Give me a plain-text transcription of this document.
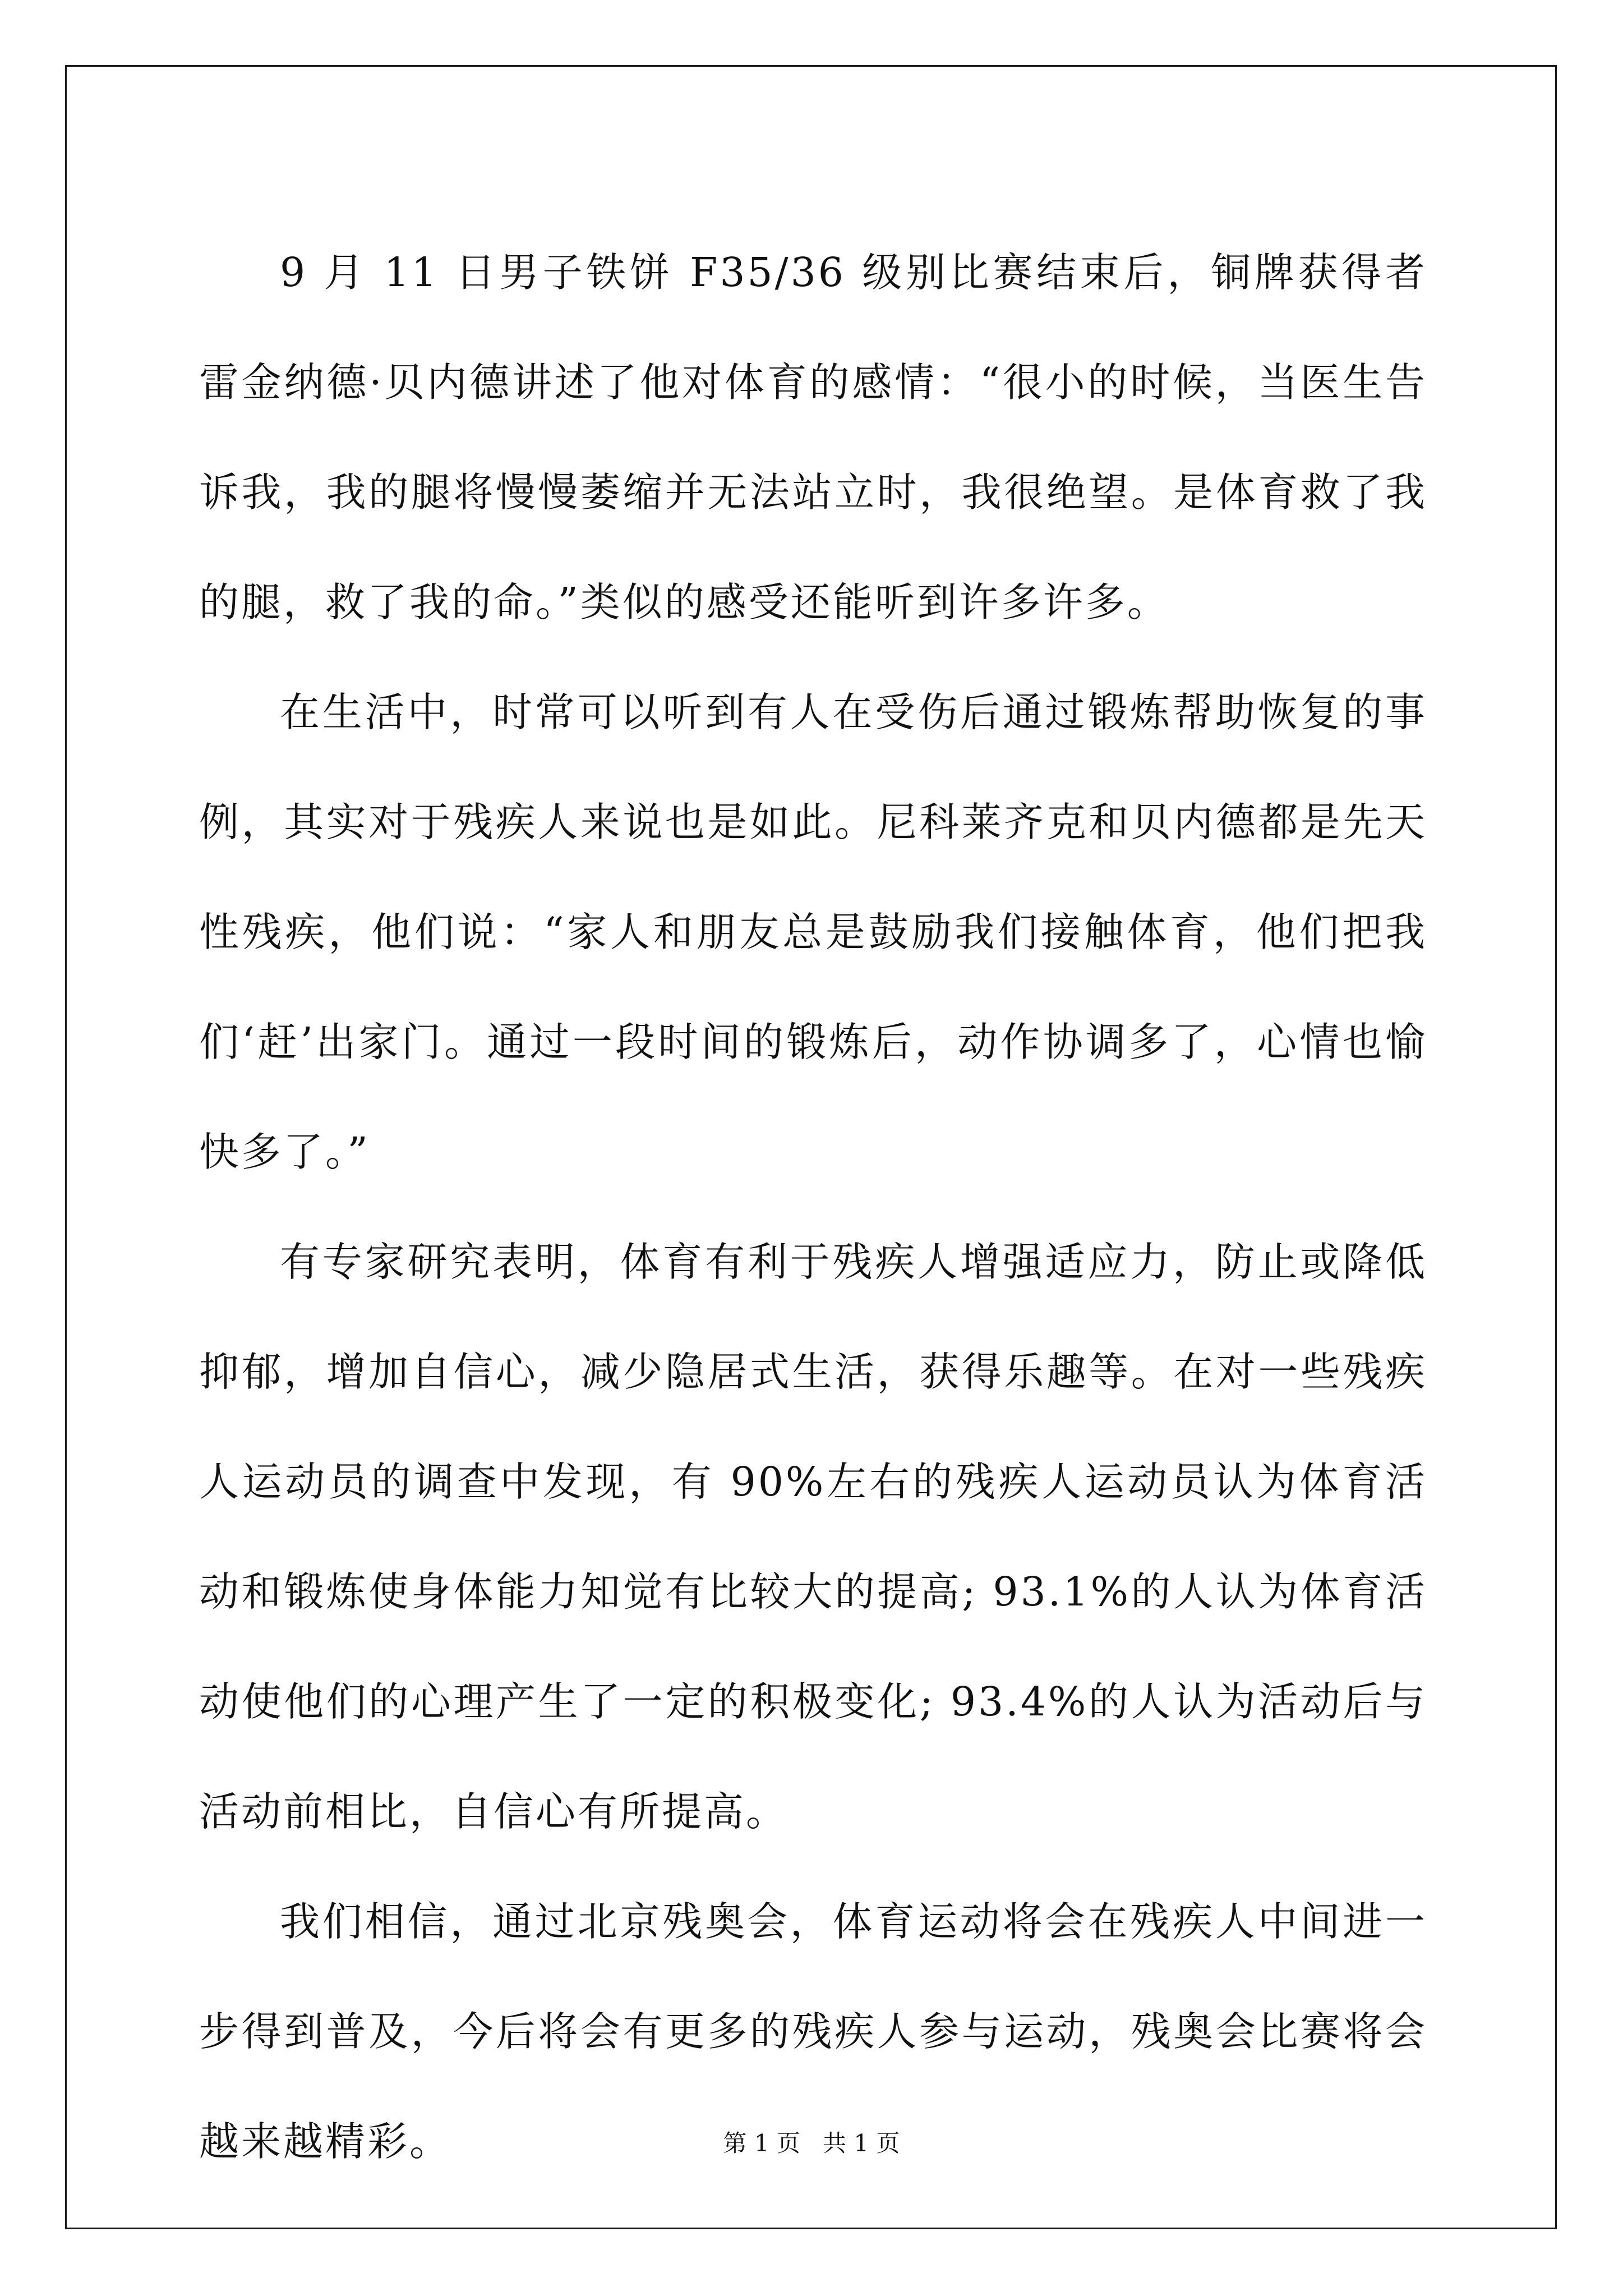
9 月 11 日男子铁饼 F35/36 级别比赛结束后，铜牌获得者雷金纳德·贝内德讲述了他对体育的感情：“很小的时候，当医生告诉我，我的腿将慢慢萎缩并无法站立时，我很绝望。是体育救了我的腿，救了我的命。”类似的感受还能听到许多许多。

在生活中，时常可以听到有人在受伤后通过锻炼帮助恢复的事例，其实对于残疾人来说也是如此。尼科莱齐克和贝内德都是先天性残疾，他们说：“家人和朋友总是鼓励我们接触体育，他们把我们‘赶’出家门。通过一段时间的锻炼后，动作协调多了，心情也愉快多了。”

有专家研究表明，体育有利于残疾人增强适应力，防止或降低抑郁，增加自信心，减少隐居式生活，获得乐趣等。在对一些残疾人运动员的调查中发现，有 90%左右的残疾人运动员认为体育活动和锻炼使身体能力知觉有比较大的提高; 93.1%的人认为体育活动使他们的心理产生了一定的积极变化; 93.4%的人认为活动后与活动前相比，自信心有所提高。

我们相信，通过北京残奥会，体育运动将会在残疾人中间进一步得到普及，今后将会有更多的残疾人参与运动，残奥会比赛将会越来越精彩。	第 1 页   共 1 页
